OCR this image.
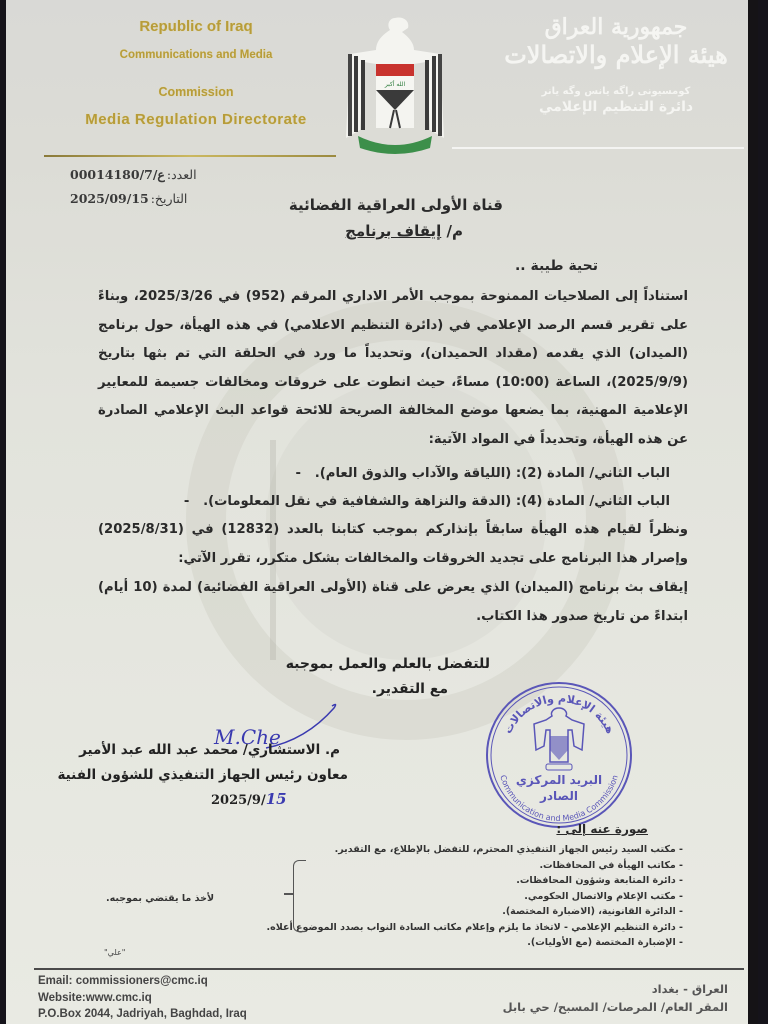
Republic of Iraq
Communications and Media
Commission
Media Regulation Directorate
الله أكبر
جمهورية العراق
هيئة الإعلام والاتصالات
كومسيونى راگه يانس وگه يانر
دائرة التنظيم الإعلامي
00014180/ع/7 العدد:
2025/09/15 التاريخ:	قناة الأولى العراقية الفضائية
م/ إيقاف برنامج
تحية طيبة ..
استناداً إلى الصلاحيات الممنوحة بموجب الأمر الاداري المرقم (952) في 2025/3/26، وبناءً على تقرير قسم الرصد الإعلامي في (دائرة التنظيم الاعلامي) في هذه الهيأة، حول برنامج (الميدان) الذي يقدمه (مقداد الحميدان)، وتحديداً ما ورد في الحلقة التي تم بثها بتاريخ (2025/9/9)، الساعة (10:00) مساءً، حيث انطوت على خروقات ومخالفات جسيمة للمعايير الإعلامية المهنية، بما يضعها موضع المخالفة الصريحة للائحة قواعد البث الإعلامي الصادرة عن هذه الهيأة، وتحديداً في المواد الآتية:
الباب الثاني/ المادة (2): (اللياقة والآداب والذوق العام).   -
الباب الثاني/ المادة (4): (الدقة والنزاهة والشفافية في نقل المعلومات).   -
ونظراً لقيام هذه الهيأة سابقاً بإنذاركم بموجب كتابنا بالعدد (12832) في (2025/8/31) وإصرار هذا البرنامج على تجديد الخروقات والمخالفات بشكل متكرر، تقرر الآتي:
إيقاف بث برنامج (الميدان) الذي يعرض على قناة (الأولى العراقية الفضائية) لمدة (10 أيام) ابتداءً من تاريخ صدور هذا الكتاب.
للتفضل بالعلم والعمل بموجبه
مع التقدير.
M.Che
م. الاستشاري/ محمد عبد الله عبد الأمير
معاون رئيس الجهاز التنفيذي للشؤون الفنية
2025/9/15
هيئة الإعلام والاتصالات
Communication and Media Commission
البريد المركزي
الصادر
صورة عنه إلى :
- مكتب السيد رئيس الجهاز التنفيذي المحترم، للتفضل بالإطلاع، مع التقدير.
- مكاتب الهيأة في المحافظات.
- دائرة المتابعة وشؤون المحافظات.
- مكتب الإعلام والاتصال الحكومي.
- الدائرة القانونية، (الاضبارة المختصة).
- دائرة التنظيم الإعلامي - لاتخاذ ما يلزم وإعلام مكاتب السادة النواب بصدد الموضوع أعلاه.
- الإضبارة المختصة (مع الأوليات).
لأخذ ما يقتضي بموجبه.
"علي"
Email: commissioners@cmc.iq
Website:www.cmc.iq
P.O.Box 2044, Jadriyah, Baghdad, Iraq
العراق - بغداد
المقر العام/ المرصات/ المسبح/ حي بابل
